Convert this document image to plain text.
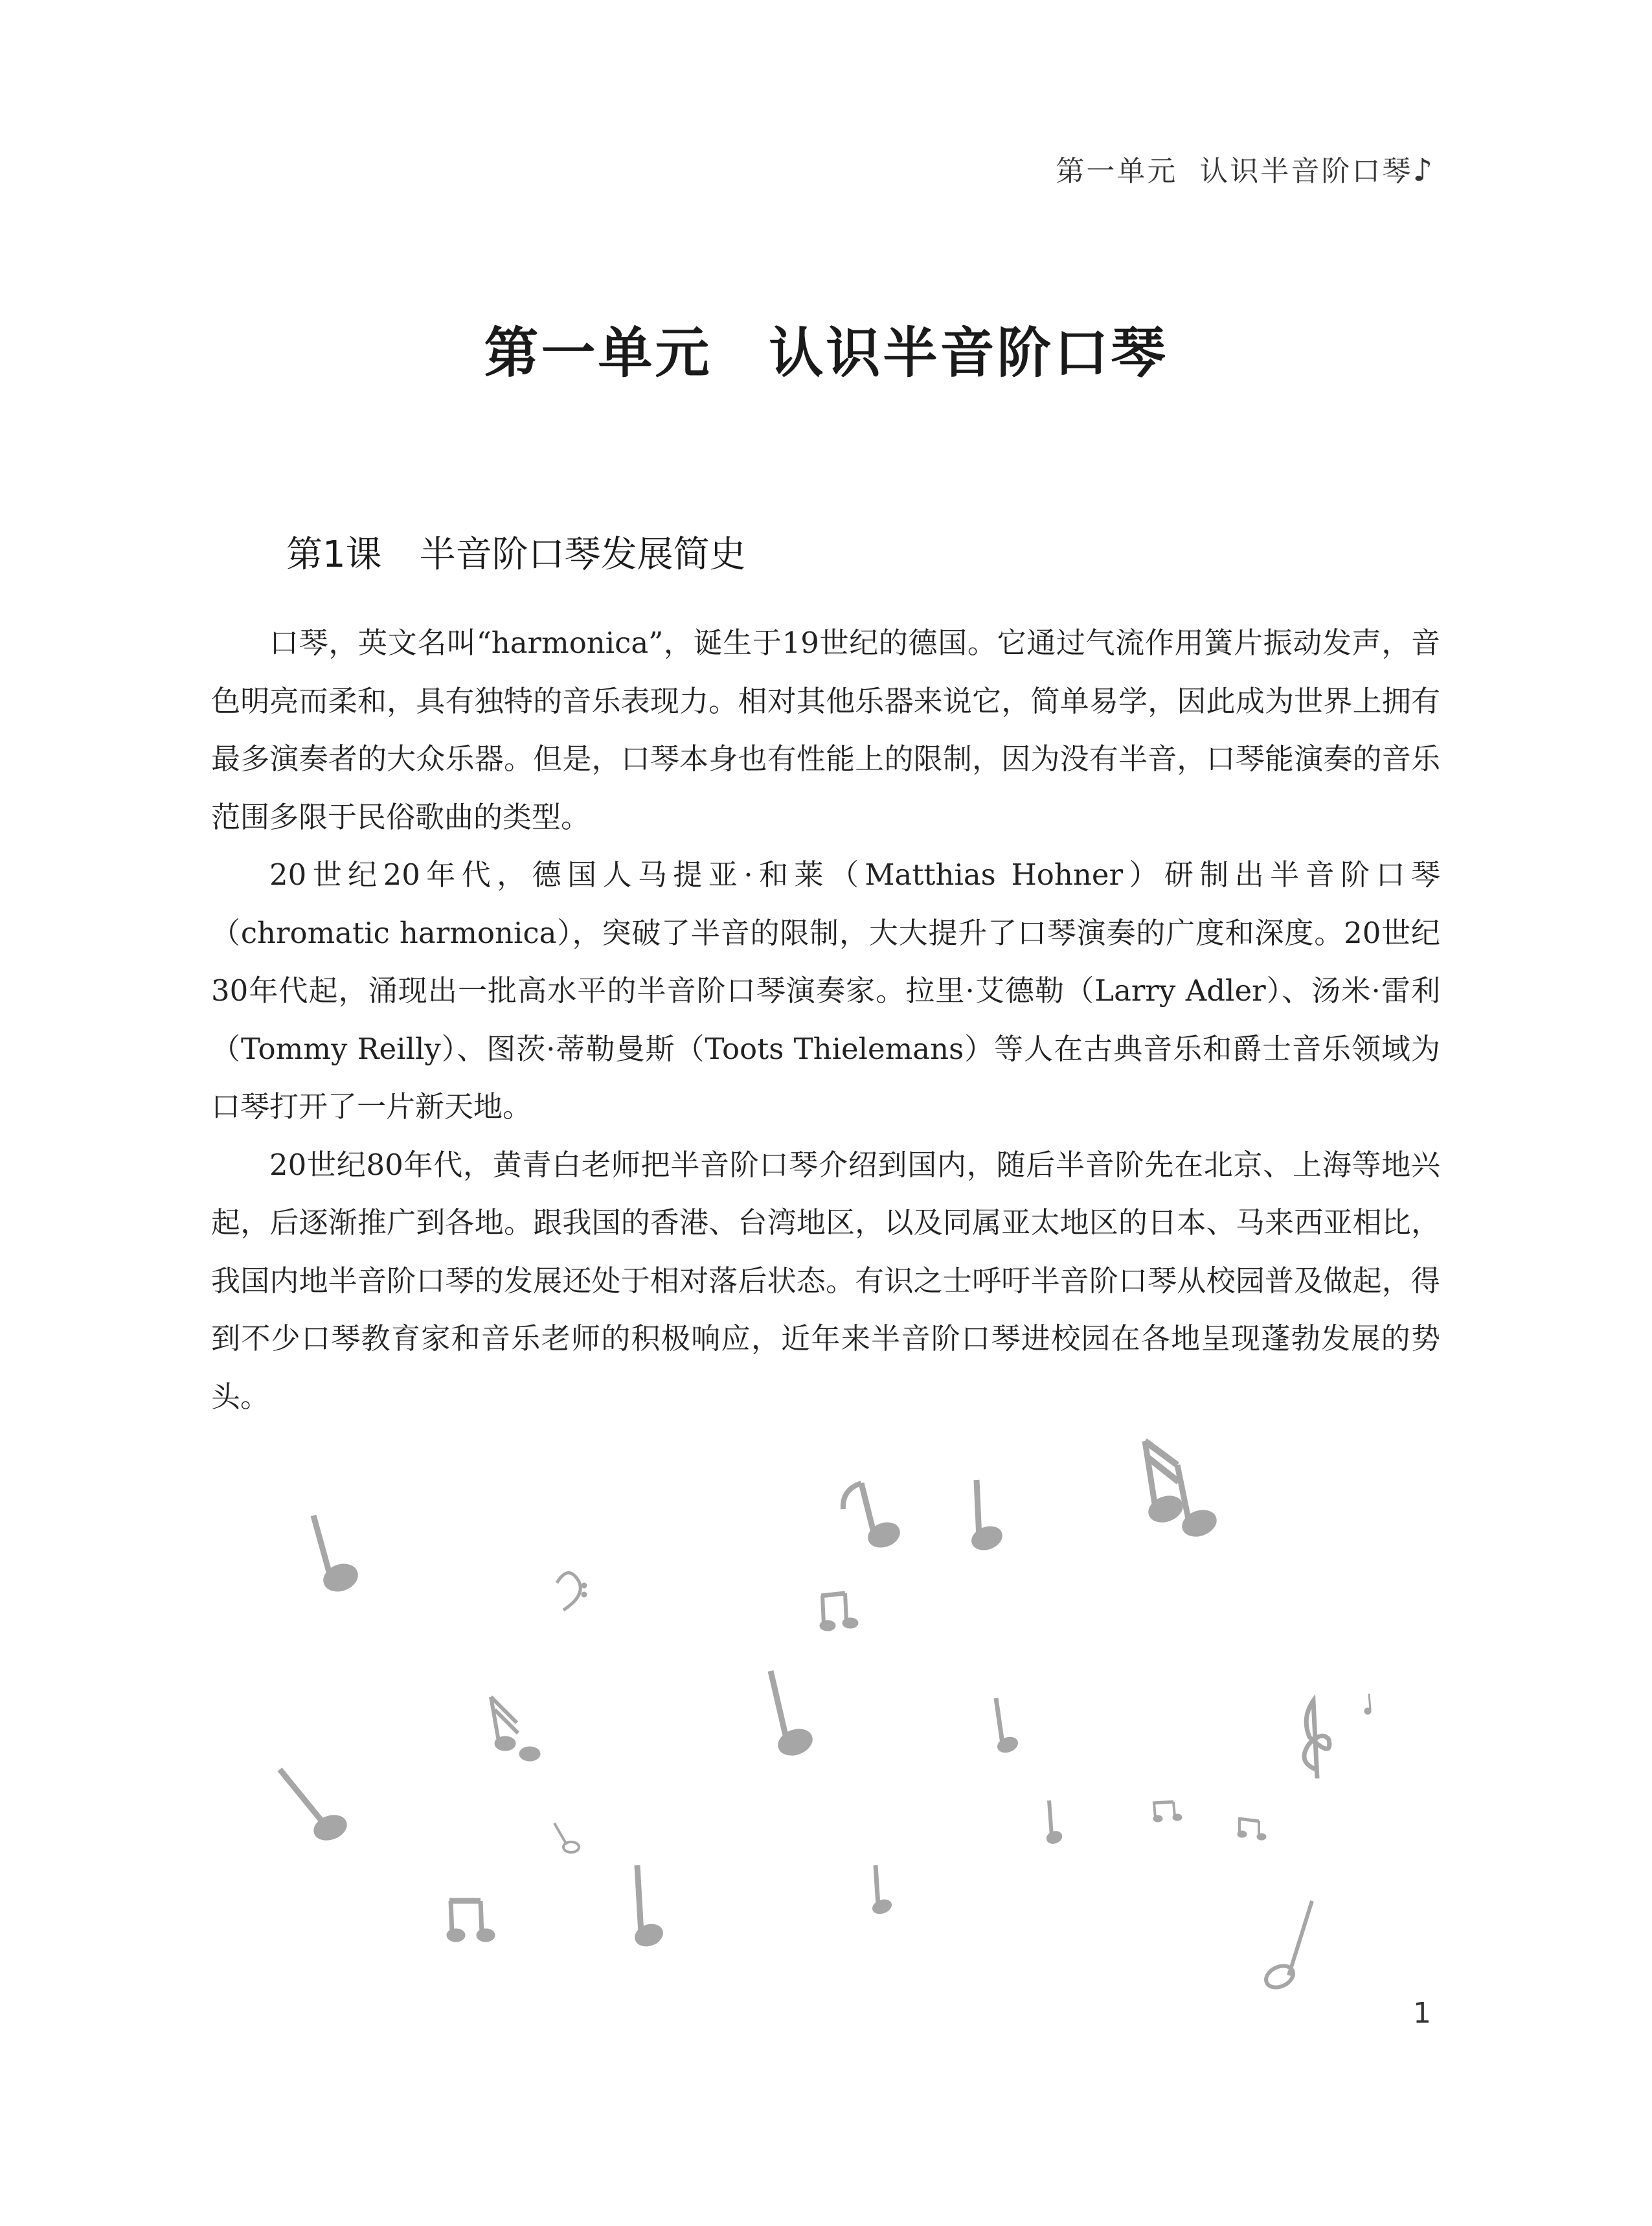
第一单元  认识半音阶口琴♪
第一单元 认识半音阶口琴
第1课 半音阶口琴发展简史

口琴，英文名叫“harmonica”，诞生于19世纪的德国。它通过气流作用簧片振动发声，音色明亮而柔和，具有独特的音乐表现力。相对其他乐器来说它，简单易学，因此成为世界上拥有最多演奏者的大众乐器。但是，口琴本身也有性能上的限制，因为没有半音，口琴能演奏的音乐范围多限于民俗歌曲的类型。

20世纪20年代，德国人马提亚·和莱（Matthias Hohner）研制出半音阶口琴（chromatic harmonica），突破了半音的限制，大大提升了口琴演奏的广度和深度。20世纪30年代起，涌现出一批高水平的半音阶口琴演奏家。拉里·艾德勒（Larry Adler）、汤米·雷利（Tommy Reilly）、图茨·蒂勒曼斯（Toots Thielemans）等人在古典音乐和爵士音乐领域为口琴打开了一片新天地。

20世纪80年代，黄青白老师把半音阶口琴介绍到国内，随后半音阶先在北京、上海等地兴起，后逐渐推广到各地。跟我国的香港、台湾地区，以及同属亚太地区的日本、马来西亚相比，我国内地半音阶口琴的发展还处于相对落后状态。有识之士呼吁半音阶口琴从校园普及做起，得到不少口琴教育家和音乐老师的积极响应，近年来半音阶口琴进校园在各地呈现蓬勃发展的势头。

1
